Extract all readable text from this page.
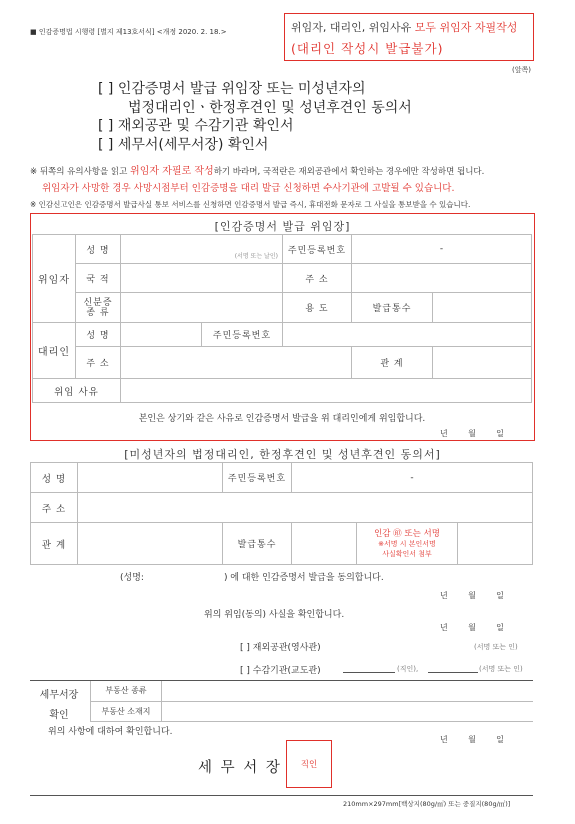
■ 인감증명법 시행령 [별지 제13호서식] <개정 2020. 2. 18.>	위임자, 대리인, 위임사유 모두 위임자 자필작성
(대리인 작성시 발급불가)
(앞쪽)
[ ] 인감증명서 발급 위임장 또는 미성년자의
법정대리인ㆍ한정후견인 및 성년후견인 동의서
[ ] 재외공관 및 수감기관 확인서
[ ] 세무서(세무서장) 확인서
※ 뒤쪽의 유의사항을 읽고 위임자 자필로 작성하기 바라며, 국적란은 재외공관에서 확인하는 경우에만 작성하면 됩니다.
위임자가 사망한 경우 사망시점부터 인감증명을 대리 발급 신청하면 수사기관에 고발될 수 있습니다.
※ 인감신고인은 인감증명서 발급사실 통보 서비스를 신청하면 인감증명서 발급 즉시, 휴대전화 문자로 그 사실을 통보받을 수 있습니다.
[인감증명서 발급 위임장]
위임자	성 명	(서명 또는 날인)		주민등록번호	-	
	국 적			주 소		

	신분증
종 류			용 도	발급통수	
대리인	성 명		주민등록번호			
	주 소				관 계	
위임 사유						
본인은 상기와 같은 사유로 인감증명서 발급을 위 대리인에게 위임합니다.
년        월        일
[미성년자의 법정대리인, 한정후견인 및 성년후견인 동의서]
성 명		주민등록번호	-		
주 소					
관 계		발급통수		인감 ㊞ 또는 서명
※서명 시 본인서명
사실확인서 첨부	

(성명:	) 에 대한 인감증명서 발급을 동의합니다.
년        월        일
위의 위임(동의) 사실을 확인합니다.
년        월        일
[ ] 재외공관(영사관)	(서명 또는 인)
[ ] 수감기관(교도관)	(직인),	(서명 또는 인)
세무서장
확인
부동산 종류	
부동산 소재지	
위의 사항에 대하여 확인합니다.
년        월        일
세 무 서 장	직인
210mm×297mm[백상지(80g/㎡) 또는 중질지(80g/㎡)]
